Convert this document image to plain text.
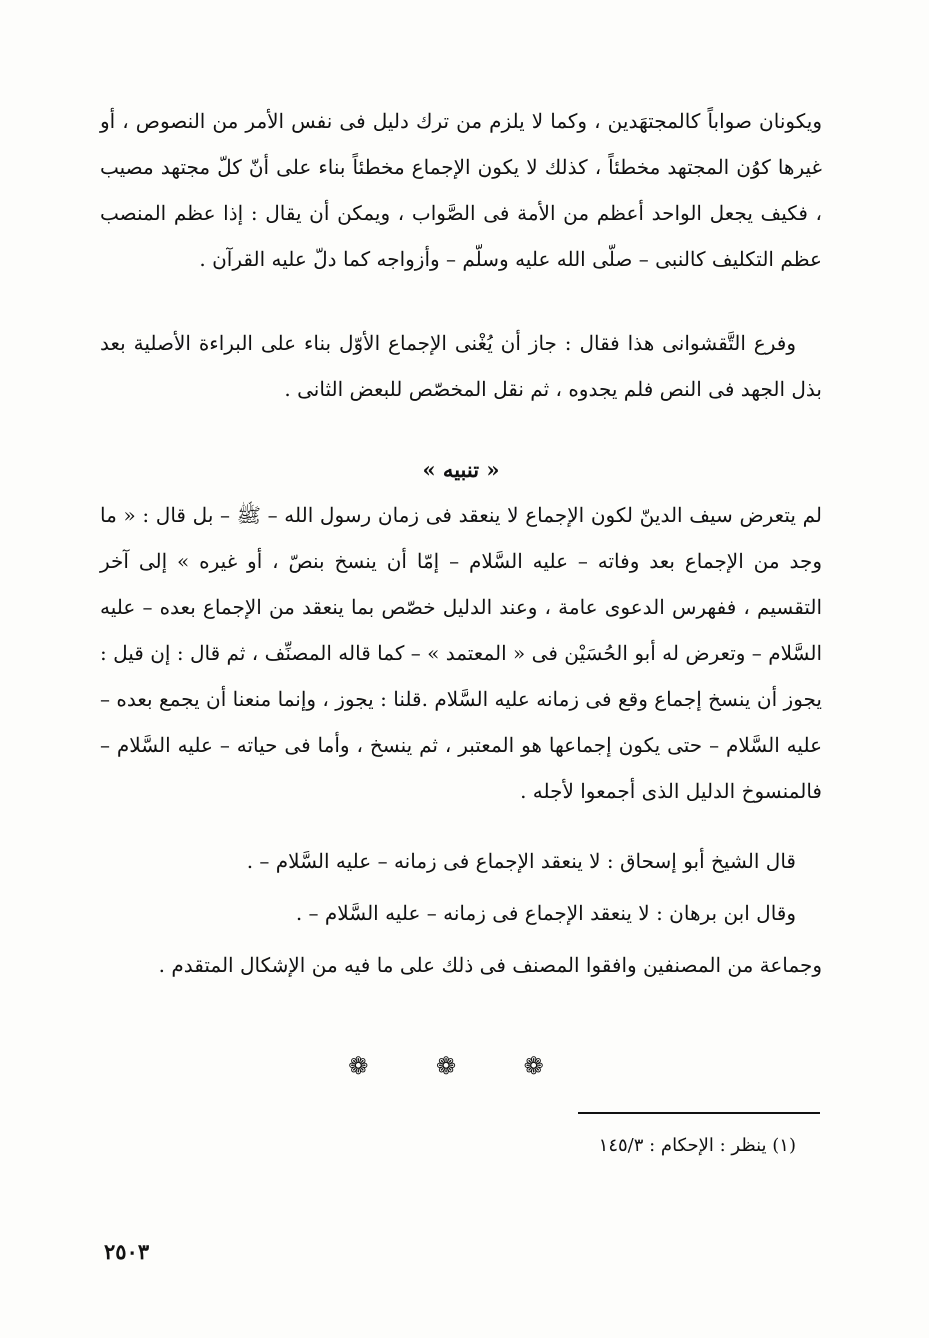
ويكونان صواباً كالمجتهَدين ، وكما لا يلزم من ترك دليل فى نفس الأمر من النصوص ، أو غيرها كوُن المجتهد مخطئاً ، كذلك لا يكون الإجماع مخطئاً بناء على أنّ كلّ مجتهد مصيب ، فكيف يجعل الواحد أعظم من الأمة فى الصَّواب ، ويمكن أن يقال : إذا عظم المنصب عظم التكليف كالنبى – صلّى الله عليه وسلّم – وأزواجه كما دلّ عليه القرآن .
وفرع التَّقشوانى هذا فقال : جاز أن يُغْنى الإجماع الأوّل بناء على البراءة الأصلية بعد بذل الجهد فى النص فلم يجدوه ، ثم نقل المخصّص للبعض الثانى .
« تنبيه »
لم يتعرض سيف الدينّ لكون الإجماع لا ينعقد فى زمان رسول الله – ﷺ – بل قال : « ما وجد من الإجماع بعد وفاته – عليه السَّلام – إمّا أن ينسخ بنصّ ، أو غيره » إلى آخر التقسيم ، ففهرس الدعوى عامة ، وعند الدليل خصّص بما ينعقد من الإجماع بعده – عليه السَّلام – وتعرض له أبو الحُسَيْن فى « المعتمد » – كما قاله المصنِّف ، ثم قال : إن قيل : يجوز أن ينسخ إجماع وقع فى زمانه عليه السَّلام .قلنا : يجوز ، وإنما منعنا أن يجمع بعده – عليه السَّلام – حتى يكون إجماعها هو المعتبر ، ثم ينسخ ، وأما فى حياته – عليه السَّلام – فالمنسوخ الدليل الذى أجمعوا لأجله .
قال الشيخ أبو إسحاق : لا ينعقد الإجماع فى زمانه – عليه السَّلام – .
وقال ابن برهان : لا ينعقد الإجماع فى زمانه – عليه السَّلام – .
وجماعة من المصنفين وافقوا المصنف فى ذلك على ما فيه من الإشكال المتقدم .
❁ ❁ ❁
(١) ينظر : الإحكام : ١٤٥/٣
٢٥٠٣
